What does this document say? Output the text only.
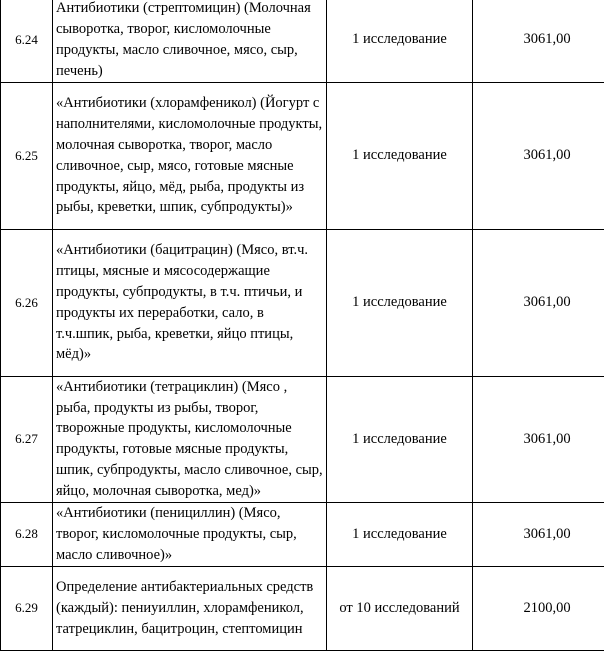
6.24	Антибиотики (стрептомицин) (Молочная сыворотка, творог, кисломолочные продукты, масло сливочное, мясо, сыр, печень)	1 исследование	3061,00
6.25	«Антибиотики (хлорамфеникол) (Йогурт с наполнителями, кисломолочные продукты, молочная сыворотка, творог, масло сливочное, сыр, мясо, готовые мясные продукты, яйцо, мёд, рыба, продукты из рыбы, креветки, шпик, субпродукты)»	1 исследование	3061,00
6.26	«Антибиотики (бацитрацин) (Мясо, вт.ч. птицы, мясные и мясосодержащие продукты, субпродукты, в т.ч. птичьи, и продукты их переработки, сало, в т.ч.шпик, рыба, креветки, яйцо птицы, мёд)»	1 исследование	3061,00
6.27	«Антибиотики (тетрациклин) (Мясо , рыба, продукты из рыбы, творог, творожные продукты, кисломолочные продукты, готовые мясные продукты, шпик, субпродукты, масло сливочное, сыр, яйцо, молочная сыворотка, мед)»	1 исследование	3061,00
6.28	«Антибиотики (пенициллин) (Мясо, творог, кисломолочные продукты, сыр, масло сливочное)»	1 исследование	3061,00
6.29	Определение антибактериальных средств (каждый): пениуиллин, хлорамфеникол, татрециклин, бацитроцин, стептомицин	от 10 исследований	2100,00
